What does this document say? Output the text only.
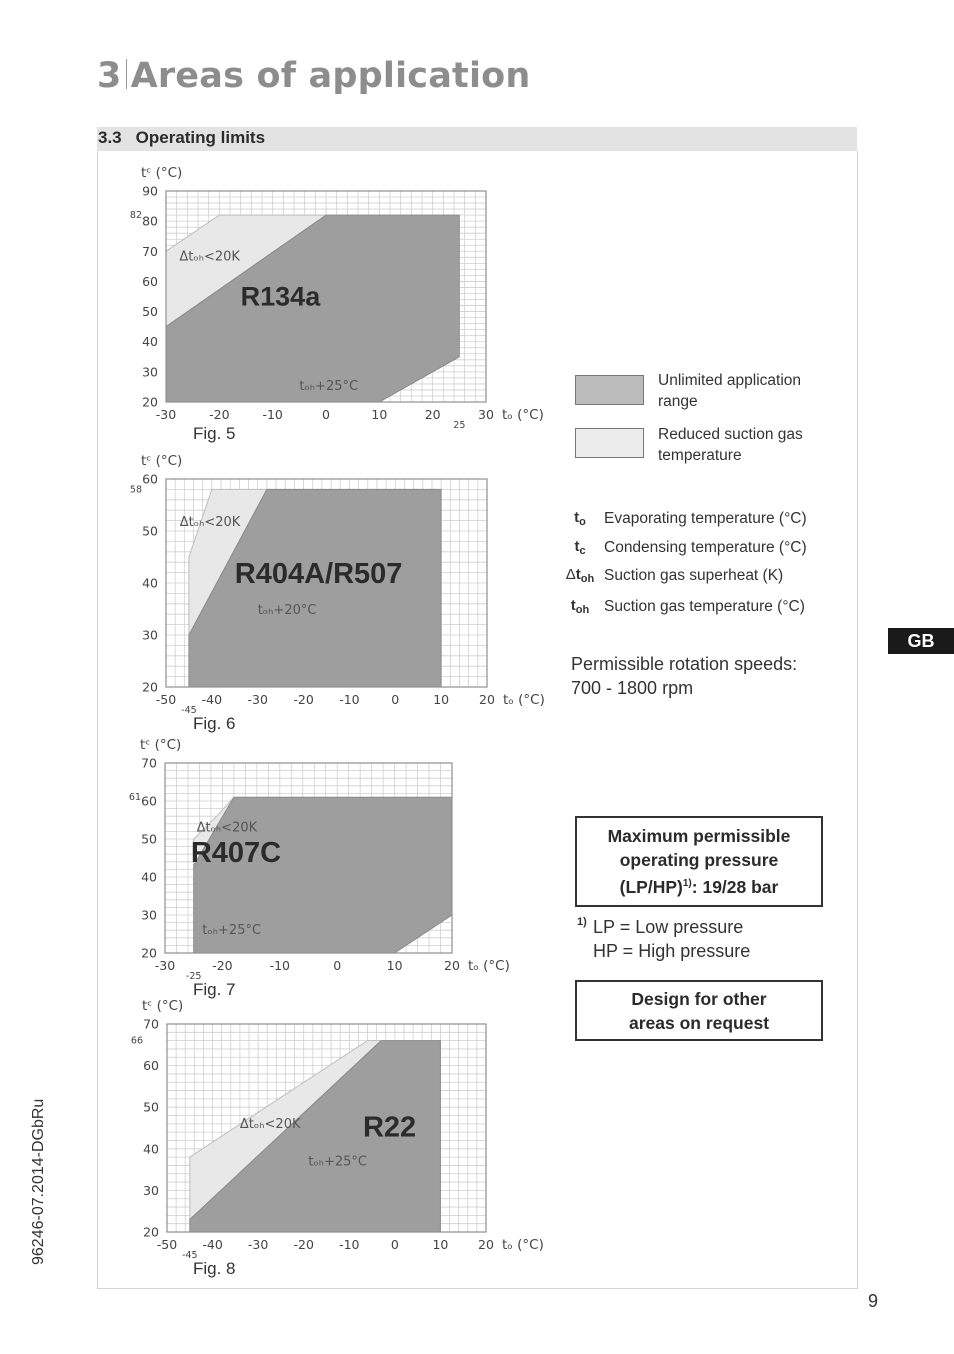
3 Areas of application
3.3 Operating limits
-30	-20	-10	0	10	20	30
20
30
40
50
60
70
80
90
25
82
tᶜ (°C)
tₒ (°C)
R134a
Δtₒₕ<20K
tₒₕ+25°C
-50 -40 -30 -20 -10	0	10 20
20
30
40
50
60
-45
58
tᶜ (°C)
tₒ (°C)
R404A/R507
Δtₒₕ<20K
tₒₕ+20°C
-30	-20	-10	0	10	20
20
30
40
50
60
70
-25
61
tᶜ (°C)
tₒ (°C)
R407C
Δtₒₕ<20K
tₒₕ+25°C
-50 -40 -30 -20 -10	0	10 20
20
30
40
50
60
70
-45
66
tᶜ (°C)
tₒ (°C)
R22
Δtₒₕ<20K
tₒₕ+25°C
Fig. 5
Fig. 6
Fig. 7
Fig. 8
Unlimited application range
Reduced suction gas temperature
$t_o$	Evaporating temperature (°C)
$t_c$	Condensing temperature (°C)
$\Delta t_{oh}$ Suction gas superheat (K)
$t_{oh}$ Suction gas temperature (°C)
Permissible rotation speeds:
700 - 1800 rpm
Maximum permissible
operating pressure
$(LP/HP)^{1)}$: 19/28 bar
1) LP = Low pressure
HP = High pressure
Design for other
areas on request
GB
96246-07.2014-DGbRu
9
